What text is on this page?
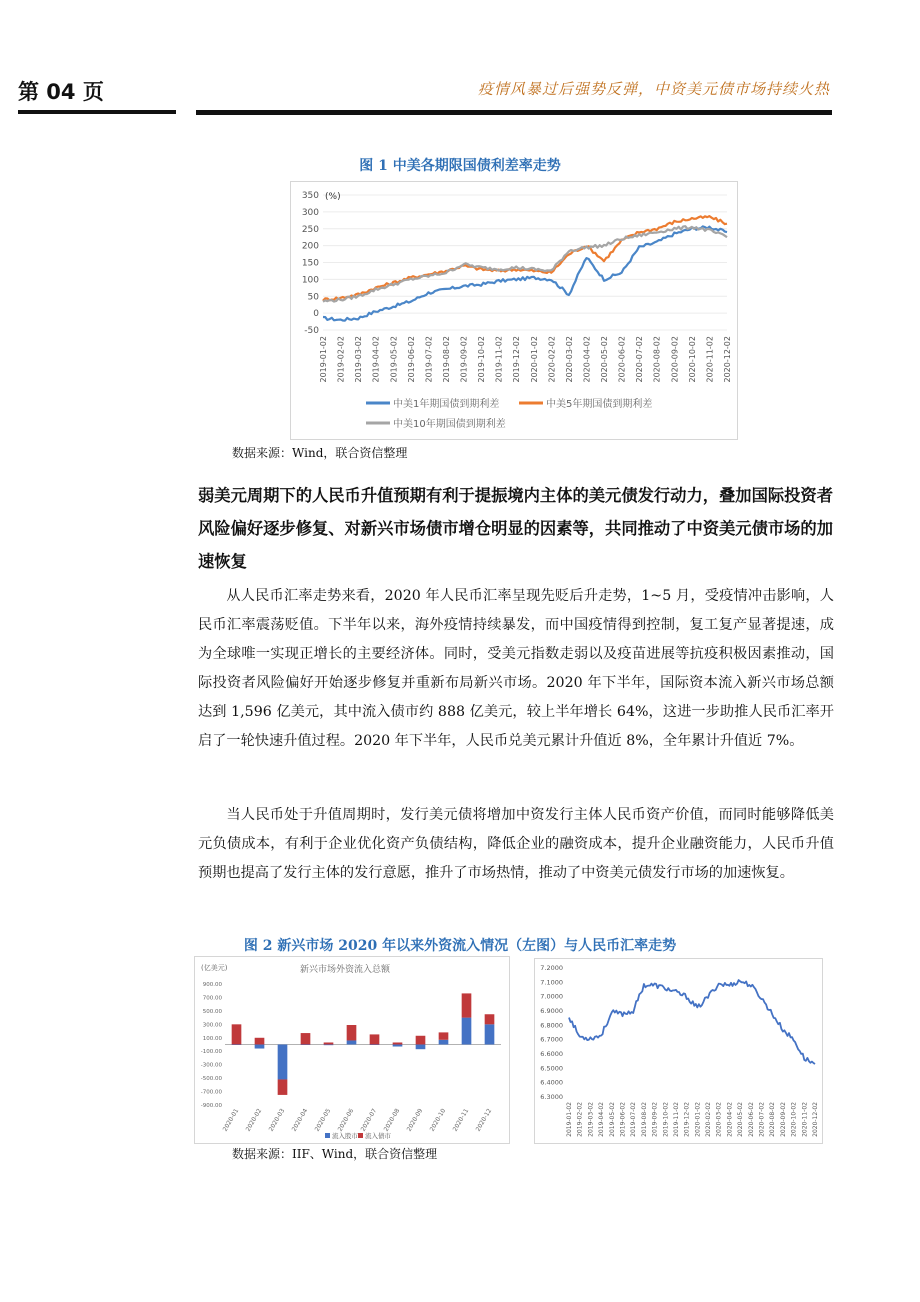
第 04 页	疫情风暴过后强势反弹，中资美元债市场持续火热
图 1 中美各期限国债利差率走势
350
300
250
200
150
100
50
0
-50
(%)
2019-01-02 2019-02-02 2019-03-02 2019-04-02 2019-05-02 2019-06-02 2019-07-02 2019-08-02 2019-09-02 2019-10-02 2019-11-02 2019-12-02 2020-01-02 2020-02-02 2020-03-02 2020-04-02 2020-05-02 2020-06-02 2020-07-02 2020-08-02 2020-09-02 2020-10-02 2020-11-02 2020-12-02
中美1年期国债到期利差	中美5年期国债到期利差
中美10年期国债到期利差
数据来源：Wind，联合资信整理
弱美元周期下的人民币升值预期有利于提振境内主体的美元债发行动力，叠加国际投资者风险偏好逐步修复、对新兴市场债市增仓明显的因素等，共同推动了中资美元债市场的加速恢复
从人民币汇率走势来看，2020 年人民币汇率呈现先贬后升走势，1~5 月，受疫情冲击影响，人民币汇率震荡贬值。下半年以来，海外疫情持续暴发，而中国疫情得到控制，复工复产显著提速，成为全球唯一实现正增长的主要经济体。同时，受美元指数走弱以及疫苗进展等抗疫积极因素推动，国际投资者风险偏好开始逐步修复并重新布局新兴市场。2020 年下半年，国际资本流入新兴市场总额达到 1,596 亿美元，其中流入债市约 888 亿美元，较上半年增长 64%，这进一步助推人民币汇率开启了一轮快速升值过程。2020 年下半年，人民币兑美元累计升值近 8%，全年累计升值近 7%。
当人民币处于升值周期时，发行美元债将增加中资发行主体人民币资产价值，而同时能够降低美元负债成本，有利于企业优化资产负债结构，降低企业的融资成本，提升企业融资能力，人民币升值预期也提高了发行主体的发行意愿，推升了市场热情，推动了中资美元债发行市场的加速恢复。
图 2 新兴市场 2020 年以来外资流入情况（左图）与人民币汇率走势
新兴市场外资流入总额
(亿美元)
900.00
700.00
500.00
300.00
100.00
-100.00
-300.00
-500.00
-700.00
-900.00
2020-01 2020-02 2020-03 2020-04 2020-05 2020-06 2020-07 2020-08 2020-09 2020-10 2020-11 2020-12
流入股市 流入债市
7.2000
7.1000
7.0000
6.9000
6.8000
6.7000
6.6000
6.5000
6.4000
6.3000
2019-01-02 2019-02-02 2019-03-02 2019-04-02 2019-05-02 2019-06-02 2019-07-02 2019-08-02 2019-09-02 2019-10-02 2019-11-02 2019-12-02 2020-01-02 2020-02-02 2020-03-02 2020-04-02 2020-05-02 2020-06-02 2020-07-02 2020-08-02 2020-09-02 2020-10-02 2020-11-02 2020-12-02
数据来源：IIF、Wind，联合资信整理
